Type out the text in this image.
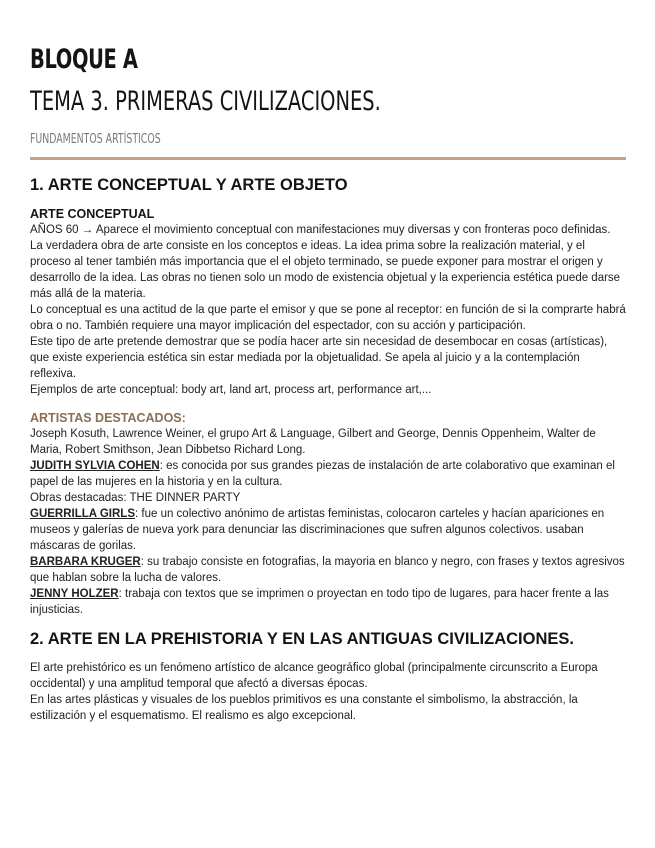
BLOQUE A
TEMA 3. PRIMERAS CIVILIZACIONES.
FUNDAMENTOS ARTÍSTICOS
1. ARTE CONCEPTUAL Y ARTE OBJETO
ARTE CONCEPTUAL

AÑOS 60 → Aparece el movimiento conceptual con manifestaciones muy diversas y con fronteras poco definidas.

La verdadera obra de arte consiste en los conceptos e ideas. La idea prima sobre la realización material, y el proceso al tener también más importancia que el el objeto terminado, se puede exponer para mostrar el origen y desarrollo de la idea. Las obras no tienen solo un modo de existencia objetual y la experiencia estética puede darse más allá de la materia.

Lo conceptual es una actitud de la que parte el emisor y que se pone al receptor: en función de si la comprarte habrá obra o no. También requiere una mayor implicación del espectador, con su acción y participación.

Este tipo de arte pretende demostrar que se podía hacer arte sin necesidad de desembocar en cosas (artísticas), que existe experiencia estética sin estar mediada por la objetualidad. Se apela al juicio y a la contemplación reflexiva.

Ejemplos de arte conceptual: body art, land art, process art, performance art,...

ARTISTAS DESTACADOS:

Joseph Kosuth, Lawrence Weiner, el grupo Art & Language, Gilbert and George, Dennis Oppenheim, Walter de Maria, Robert Smithson, Jean Dibbetso Richard Long.

JUDITH SYLVIA COHEN: es conocida por sus grandes piezas de instalación de arte colaborativo que examinan el papel de las mujeres en la historia y en la cultura.

Obras destacadas: THE DINNER PARTY

GUERRILLA GIRLS: fue un colectivo anónimo de artistas feministas, colocaron carteles y hacían apariciones en museos y galerías de nueva york para denunciar las discriminaciones que sufren algunos colectivos. usaban máscaras de gorilas.

BARBARA KRUGER: su trabajo consiste en fotografias, la mayoria en blanco y negro, con frases y textos agresivos que hablan sobre la lucha de valores.

JENNY HOLZER: trabaja con textos que se imprimen o proyectan en todo tipo de lugares, para hacer frente a las injusticias.

2. ARTE EN LA PREHISTORIA Y EN LAS ANTIGUAS CIVILIZACIONES.

El arte prehistórico es un fenómeno artístico de alcance geográfico global (principalmente circunscrito a Europa occidental) y una amplitud temporal que afectó a diversas épocas.

En las artes plásticas y visuales de los pueblos primitivos es una constante el simbolismo, la abstracción, la estilización y el esquematismo. El realismo es algo excepcional.
